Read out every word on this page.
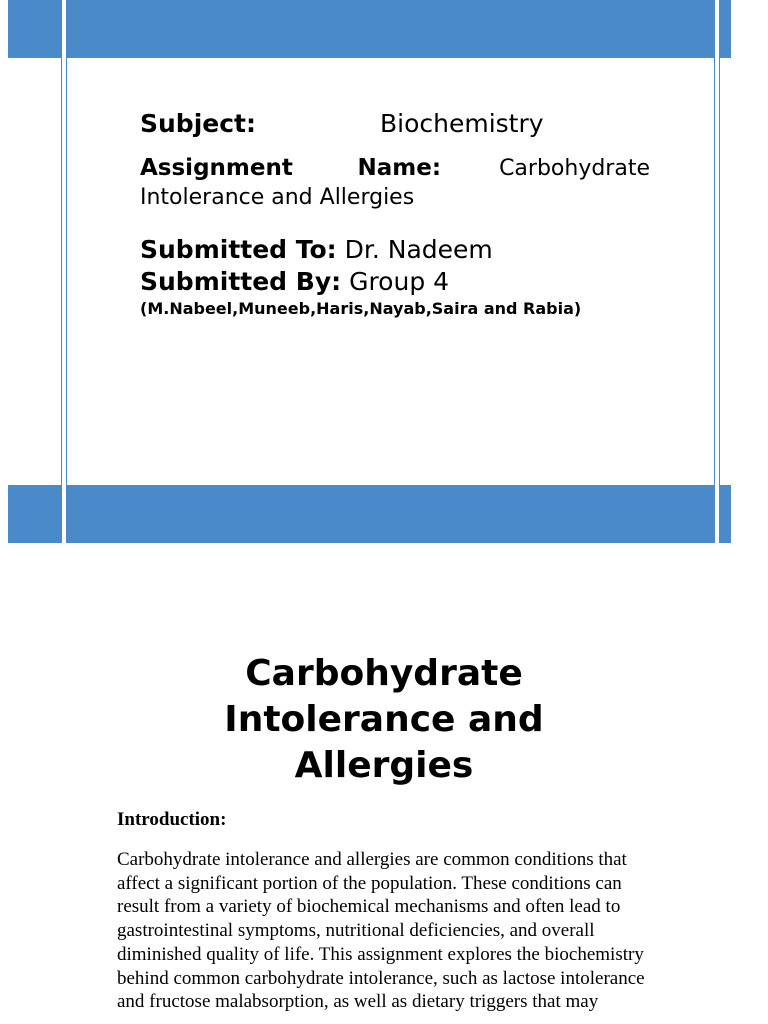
Subject:	Biochemistry
Assignment Name:	Carbohydrate Intolerance and Allergies
Submitted To: Dr. Nadeem
Submitted By: Group 4
(M.Nabeel,Muneeb,Haris,Nayab,Saira and Rabia)
Carbohydrate Intolerance and Allergies
Introduction:

Carbohydrate intolerance and allergies are common conditions that affect a significant portion of the population. These conditions can result from a variety of biochemical mechanisms and often lead to gastrointestinal symptoms, nutritional deficiencies, and overall diminished quality of life. This assignment explores the biochemistry behind common carbohydrate intolerance, such as lactose intolerance and fructose malabsorption, as well as dietary triggers that may
